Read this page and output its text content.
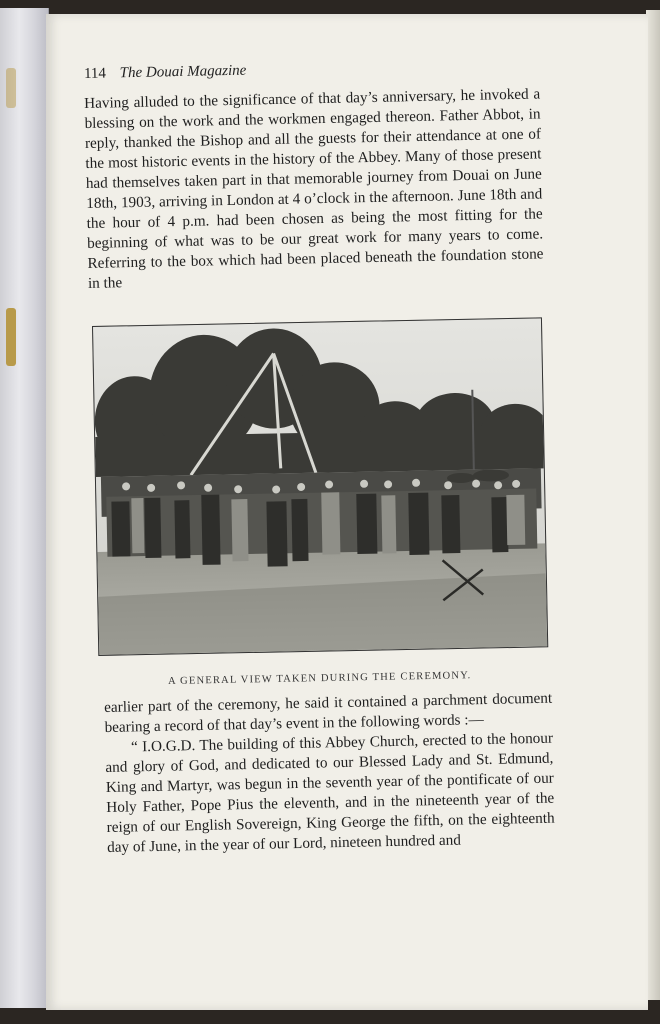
114 The Douai Magazine

Having alluded to the significance of that day’s anniversary, he invoked a blessing on the work and the workmen engaged thereon. Father Abbot, in reply, thanked the Bishop and all the guests for their attendance at one of the most historic events in the history of the Abbey. Many of those present had themselves taken part in that memorable journey from Douai on June 18th, 1903, arriving in London at 4 o’clock in the afternoon. June 18th and the hour of 4 p.m. had been chosen as being the most fitting for the beginning of what was to be our great work for many years to come. Referring to the box which had been placed beneath the foundation stone in the

A GENERAL VIEW TAKEN DURING THE CEREMONY.

earlier part of the ceremony, he said it contained a parchment document bearing a record of that day’s event in the following words :—

“ I.O.G.D. The building of this Abbey Church, erected to the honour and glory of God, and dedicated to our Blessed Lady and St. Edmund, King and Martyr, was begun in the seventh year of the pontificate of our Holy Father, Pope Pius the eleventh, and in the nineteenth year of the reign of our English Sovereign, King George the fifth, on the eighteenth day of June, in the year of our Lord, nineteen hundred and
